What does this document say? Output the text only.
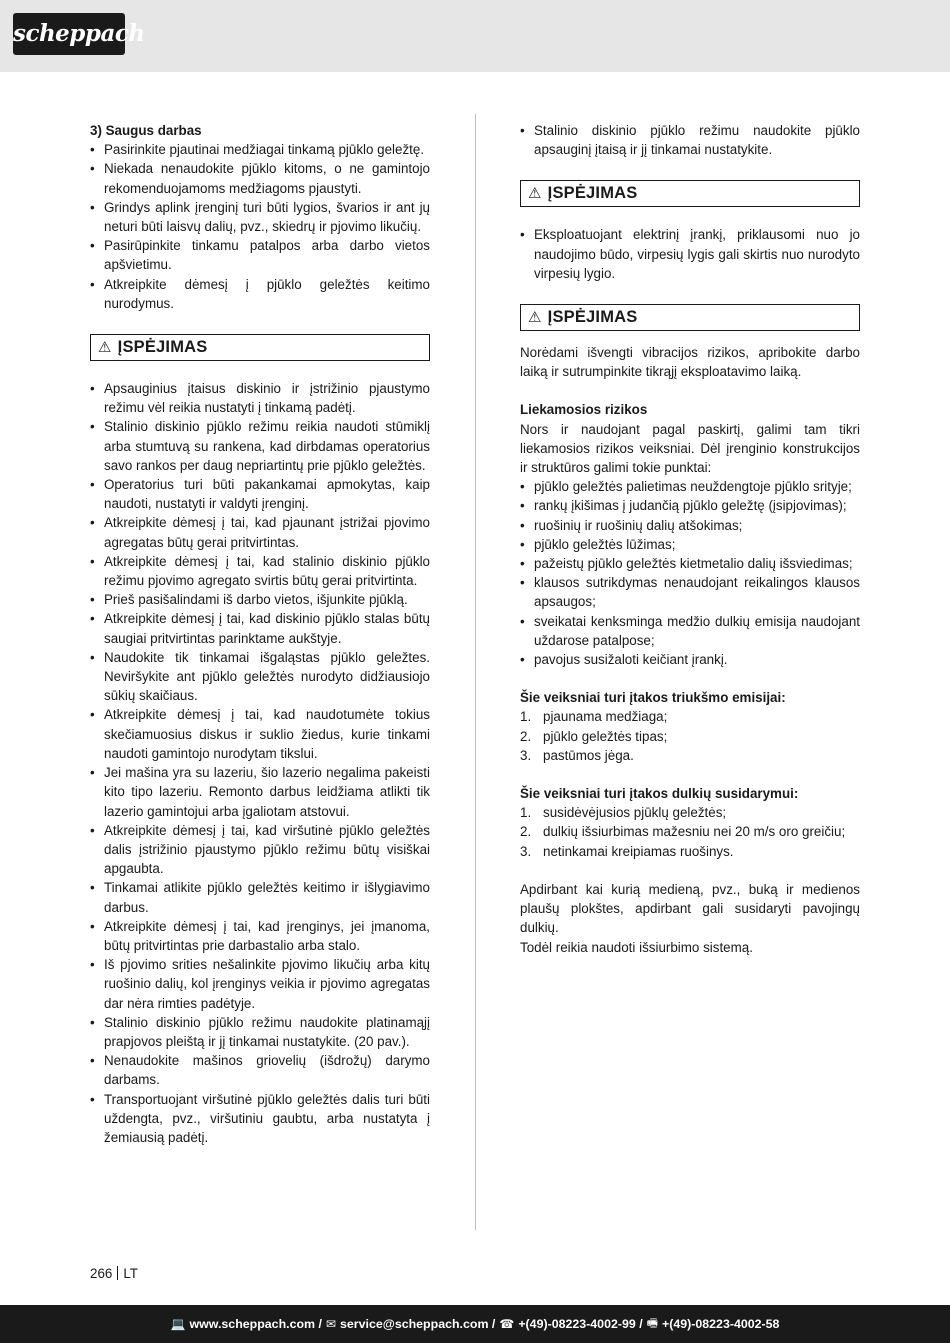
scheppach
3) Saugus darbas
• Pasirinkite pjautinai medžiagai tinkamą pjūklo geležtę.
• Niekada nenaudokite pjūklo kitoms, o ne gamintojo rekomenduojamoms medžiagoms pjaustyti.
• Grindys aplink įrenginį turi būti lygios, švarios ir ant jų neturi būti laisvų dalių, pvz., skiedrų ir pjovimo likučių.
• Pasirūpinkite tinkamu patalpos arba darbo vietos apšvietimu.
• Atkreipkite dėmesį į pjūklo geležtės keitimo nurodymus.
⚠ ĮSPĖJIMAS
• Apsauginius įtaisus diskinio ir įstrižinio pjaustymo režimu vėl reikia nustatyti į tinkamą padėtį.
• Stalinio diskinio pjūklo režimu reikia naudoti stūmiklį arba stumtuvą su rankena, kad dirbdamas operatorius savo rankos per daug nepriartintų prie pjūklo geležtės.
• Operatorius turi būti pakankamai apmokytas, kaip naudoti, nustatyti ir valdyti įrenginį.
• Atkreipkite dėmesį į tai, kad pjaunant įstrižai pjovimo agregatas būtų gerai pritvirtintas.
• Atkreipkite dėmesį į tai, kad stalinio diskinio pjūklo režimu pjovimo agregato svirtis būtų gerai pritvirtinta.
• Prieš pasišalindami iš darbo vietos, išjunkite pjūklą.
• Atkreipkite dėmesį į tai, kad diskinio pjūklo stalas būtų saugiai pritvirtintas parinktame aukštyje.
• Naudokite tik tinkamai išgaląstas pjūklo geležtes. Neviršykite ant pjūklo geležtės nurodyto didžiausiojo sūkių skaičiaus.
• Atkreipkite dėmesį į tai, kad naudotumėte tokius skečiamuosius diskus ir suklio žiedus, kurie tinkami naudoti gamintojo nurodytam tikslui.
• Jei mašina yra su lazeriu, šio lazerio negalima pakeisti kito tipo lazeriu. Remonto darbus leidžiama atlikti tik lazerio gamintojui arba įgaliotam atstovui.
• Atkreipkite dėmesį į tai, kad viršutinė pjūklo geležtės dalis įstrižinio pjaustymo pjūklo režimu būtų visiškai apgaubta.
• Tinkamai atlikite pjūklo geležtės keitimo ir išlygiavimo darbus.
• Atkreipkite dėmesį į tai, kad įrenginys, jei įmanoma, būtų pritvirtintas prie darbastalio arba stalo.
• Iš pjovimo srities nešalinkite pjovimo likučių arba kitų ruošinio dalių, kol įrenginys veikia ir pjovimo agregatas dar nėra rimties padėtyje.
• Stalinio diskinio pjūklo režimu naudokite platinamąjį prapjovos pleištą ir jį tinkamai nustatykite. (20 pav.).
• Nenaudokite mašinos griovelių (išdrožų) darymo darbams.
• Transportuojant viršutinė pjūklo geležtės dalis turi būti uždengta, pvz., viršutiniu gaubtu, arba nustatyta į žemiausią padėtį.
• Stalinio diskinio pjūklo režimu naudokite pjūklo apsauginį įtaisą ir jį tinkamai nustatykite.
⚠ ĮSPĖJIMAS
• Eksploatuojant elektrinį įrankį, priklausomi nuo jo naudojimo būdo, virpesių lygis gali skirtis nuo nurodyto virpesių lygio.
⚠ ĮSPĖJIMAS

Norėdami išvengti vibracijos rizikos, apribokite darbo laiką ir sutrumpinkite tikrąjį eksploatavimo laiką.

Liekamosios rizikos

Nors ir naudojant pagal paskirtį, galimi tam tikri liekamosios rizikos veiksniai. Dėl įrenginio konstrukcijos ir struktūros galimi tokie punktai:

• pjūklo geležtės palietimas neuždengtoje pjūklo srityje;
• rankų įkišimas į judančią pjūklo geležtę (įsipjovimas);
• ruošinių ir ruošinių dalių atšokimas;
• pjūklo geležtės lūžimas;
• pažeistų pjūklo geležtės kietmetalio dalių išsviedimas;
• klausos sutrikdymas nenaudojant reikalingos klausos apsaugos;
• sveikatai kenksminga medžio dulkių emisija naudojant uždarose patalpose;
• pavojus susižaloti keičiant įrankį.
Šie veiksniai turi įtakos triukšmo emisijai:
1. pjaunama medžiaga;
2. pjūklo geležtės tipas;
3. pastūmos jėga.
Šie veiksniai turi įtakos dulkių susidarymui:
1. susidėvėjusios pjūklų geležtės;
2. dulkių išsiurbimas mažesniu nei 20 m/s oro greičiu;
3. netinkamai kreipiamas ruošinys.

Apdirbant kai kurią medieną, pvz., buką ir medienos plaušų plokštes, apdirbant gali susidaryti pavojingų dulkių.

Todėl reikia naudoti išsiurbimo sistemą.

266 LT
💻 www.scheppach.com / ✉ service@scheppach.com / ☎ +(49)-08223-4002-99 / 🖷 +(49)-08223-4002-58
